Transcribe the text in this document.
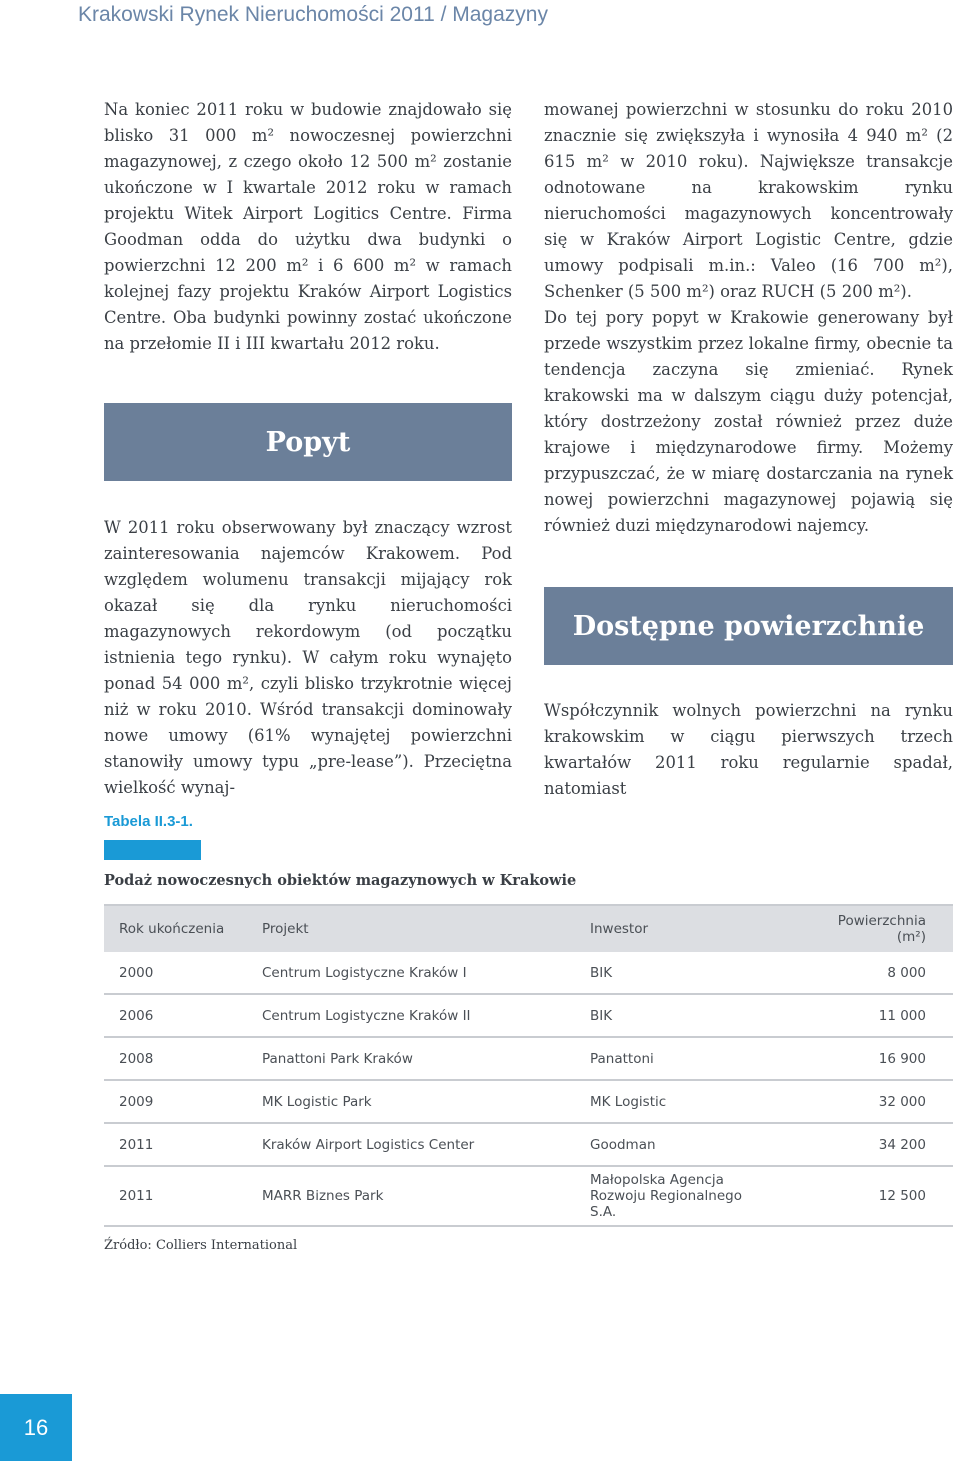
Krakowski Rynek Nieruchomości 2011 / Magazyny

Na koniec 2011 roku w budowie znajdowało się blisko 31 000 m² nowoczesnej powierzchni magazynowej, z czego około 12 500 m² zostanie ukończone w I kwartale 2012 roku w ramach projektu Witek Airport Logitics Centre. Firma Goodman odda do użytku dwa budynki o powierzchni 12 200 m² i 6 600 m² w ramach kolejnej fazy projektu Kraków Airport Logistics Centre. Oba budynki powinny zostać ukończone na przełomie II i III kwartału 2012 roku.

Popyt

W 2011 roku obserwowany był znaczący wzrost zainteresowania najemców Krakowem. Pod względem wolumenu transakcji mijający rok okazał się dla rynku nieruchomości magazynowych rekordowym (od początku istnienia tego rynku). W całym roku wynajęto ponad 54 000 m², czyli blisko trzykrotnie więcej niż w roku 2010. Wśród transakcji dominowały nowe umowy (61% wynajętej powierzchni stanowiły umowy typu „pre-lease”). Przeciętna wielkość wynaj-

mowanej powierzchni w stosunku do roku 2010 znacznie się zwiększyła i wynosiła 4 940 m² (2 615 m² w 2010 roku). Największe transakcje odnotowane na krakowskim rynku nieruchomości magazynowych koncentrowały się w Kraków Airport Logistic Centre, gdzie umowy podpisali m.in.: Valeo (16 700 m²), Schenker (5 500 m²) oraz RUCH (5 200 m²).

Do tej pory popyt w Krakowie generowany był przede wszystkim przez lokalne firmy, obecnie ta tendencja zaczyna się zmieniać. Rynek krakowski ma w dalszym ciągu duży potencjał, który dostrzeżony został również przez duże krajowe i międzynarodowe firmy. Możemy przypuszczać, że w miarę dostarczania na rynek nowej powierzchni magazynowej pojawią się również duzi międzynarodowi najemcy.

Dostępne powierzchnie

Współczynnik wolnych powierzchni na rynku krakowskim w ciągu pierwszych trzech kwartałów 2011 roku regularnie spadał, natomiast

Tabela II.3-1.
Podaż nowoczesnych obiektów magazynowych w Krakowie
Rok ukończenia	Projekt	Inwestor	Powierzchnia (m²)
2000	Centrum Logistyczne Kraków I	BIK	8 000
2006	Centrum Logistyczne Kraków II	BIK	11 000
2008	Panattoni Park Kraków	Panattoni	16 900
2009	MK Logistic Park	MK Logistic	32 000
2011	Kraków Airport Logistics Center	Goodman	34 200
2011	MARR Biznes Park	Małopolska Agencja Rozwoju Regionalnego S.A.	12 500
Źródło: Colliers International
16
